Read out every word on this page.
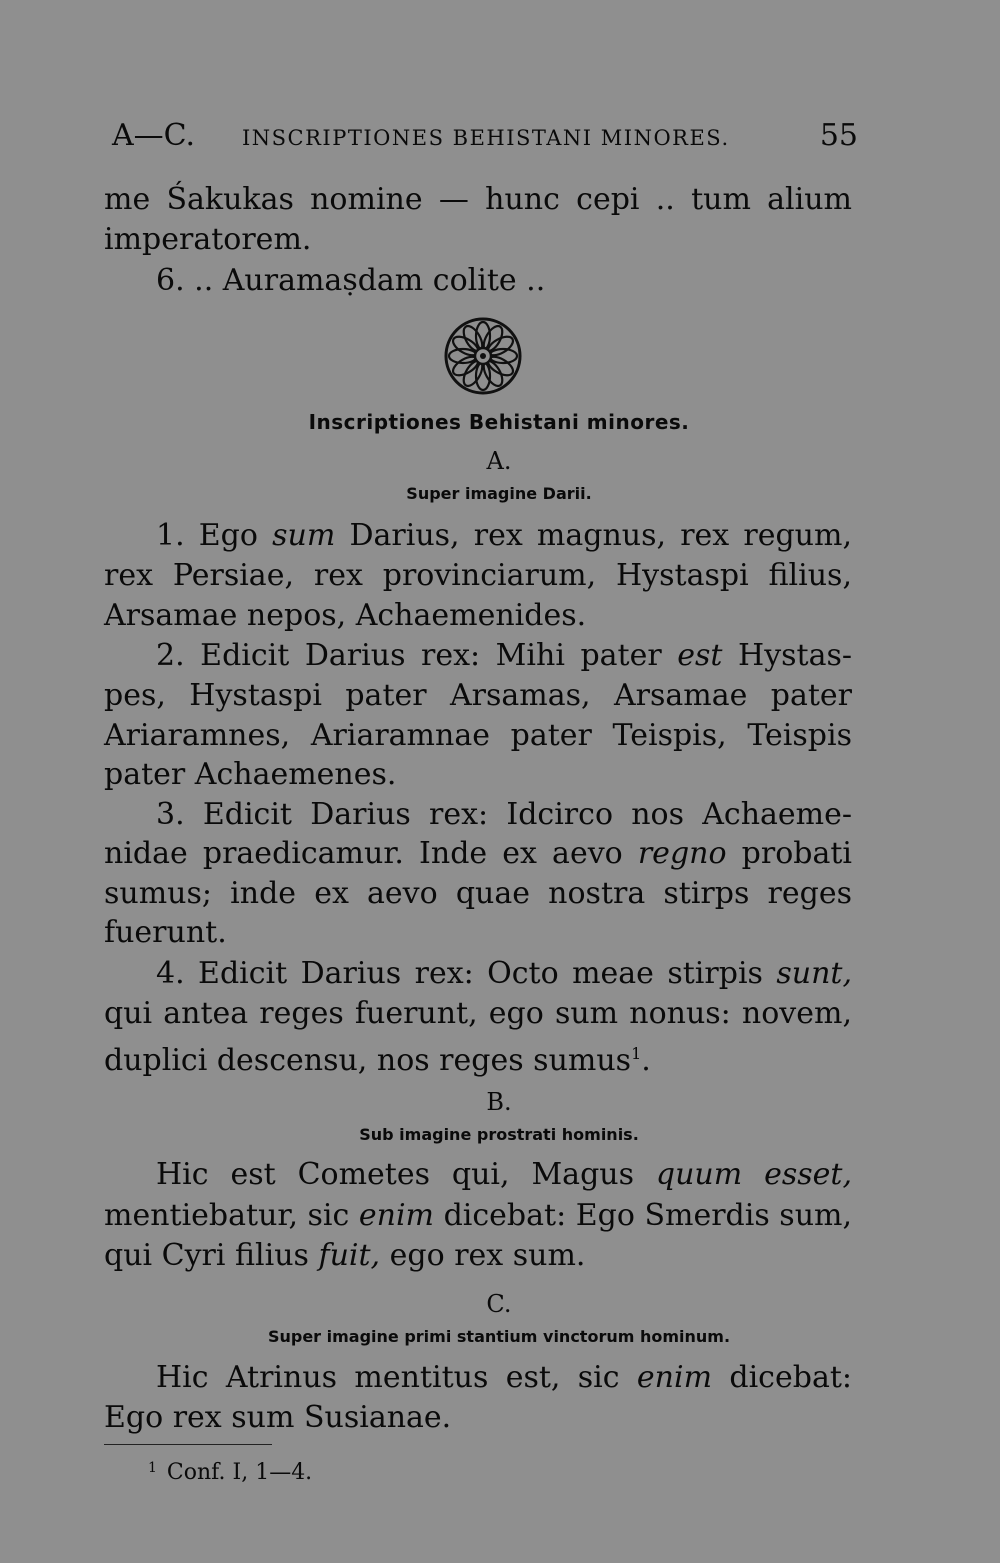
A—C. INSCRIPTIONES BEHISTANI MINORES.	55
me Śakukas nomine — hunc cepi .. tum alium
imperatorem.
6. .. Auramaṣdam colite ..
Inscriptiones Behistani minores.
A.
Super imagine Darii.
1. Ego sum Darius, rex magnus, rex regum,
rex Persiae, rex provinciarum, Hystaspi filius,
Arsamae nepos, Achaemenides.
2. Edicit Darius rex: Mihi pater est Hystas-
pes, Hystaspi pater Arsamas, Arsamae pater
Ariaramnes, Ariaramnae pater Teispis, Teispis
pater Achaemenes.
3. Edicit Darius rex: Idcirco nos Achaeme-
nidae praedicamur. Inde ex aevo regno probati
sumus; inde ex aevo quae nostra stirps reges
fuerunt.
4. Edicit Darius rex: Octo meae stirpis sunt,
qui antea reges fuerunt, ego sum nonus: novem,
duplici descensu, nos reges sumus$^1$.
B.
Sub imagine prostrati hominis.
Hic est Cometes qui, Magus quum esset,
mentiebatur, sic enim dicebat: Ego Smerdis sum,
qui Cyri filius fuit, ego rex sum.
C.
Super imagine primi stantium vinctorum hominum.
Hic Atrinus mentitus est, sic enim dicebat:
Ego rex sum Susianae.
$^1$ Conf. I, 1—4.
